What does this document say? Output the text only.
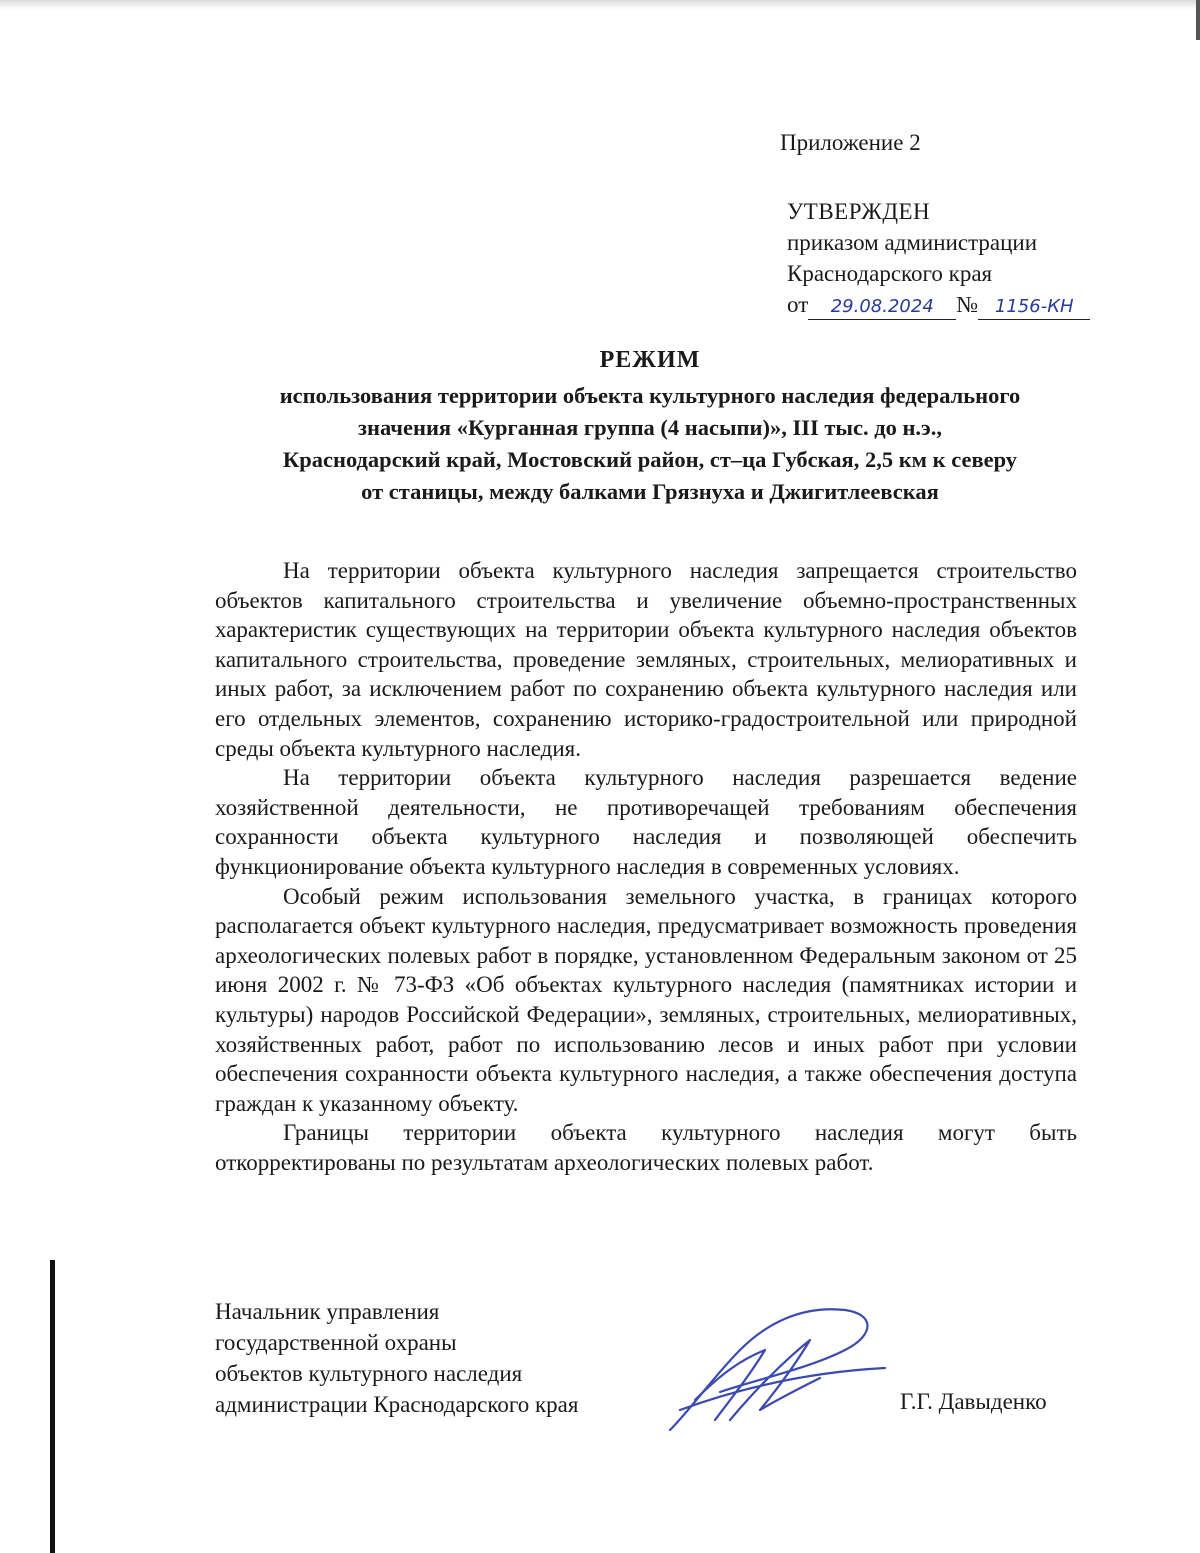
Приложение 2
УТВЕРЖДЕН
приказом администрации
Краснодарского края
от	29.08.2024 № 1156-КН
РЕЖИМ
использования территории объекта культурного наследия федерального
значения «Курганная группа (4 насыпи)», III тыс. до н.э.,
Краснодарский край, Мостовский район, ст–ца Губская, 2,5 км к северу
от станицы, между балками Грязнуха и Джигитлеевская

На территории объекта культурного наследия запрещается строительство объектов капитального строительства и увеличение объемно-пространственных характеристик существующих на территории объекта культурного наследия объектов капитального строительства, проведение земляных, строительных, мелиоративных и иных работ, за исключением работ по сохранению объекта культурного наследия или его отдельных элементов, сохранению историко-градостроительной или природной среды объекта культурного наследия.

На территории объекта культурного наследия разрешается ведение хозяйственной деятельности, не противоречащей требованиям обеспечения сохранности объекта культурного наследия и позволяющей обеспечить функционирование объекта культурного наследия в современных условиях.

Особый режим использования земельного участка, в границах которого располагается объект культурного наследия, предусматривает возможность проведения археологических полевых работ в порядке, установленном Федеральным законом от 25 июня 2002 г. № 73-ФЗ «Об объектах культурного наследия (памятниках истории и культуры) народов Российской Федерации», земляных, строительных, мелиоративных, хозяйственных работ, работ по использованию лесов и иных работ при условии обеспечения сохранности объекта культурного наследия, а также обеспечения доступа граждан к указанному объекту.

Границы территории объекта культурного наследия могут быть откорректированы по результатам археологических полевых работ.

Начальник управления
государственной охраны
объектов культурного наследия
администрации Краснодарского края	Г.Г. Давыденко
